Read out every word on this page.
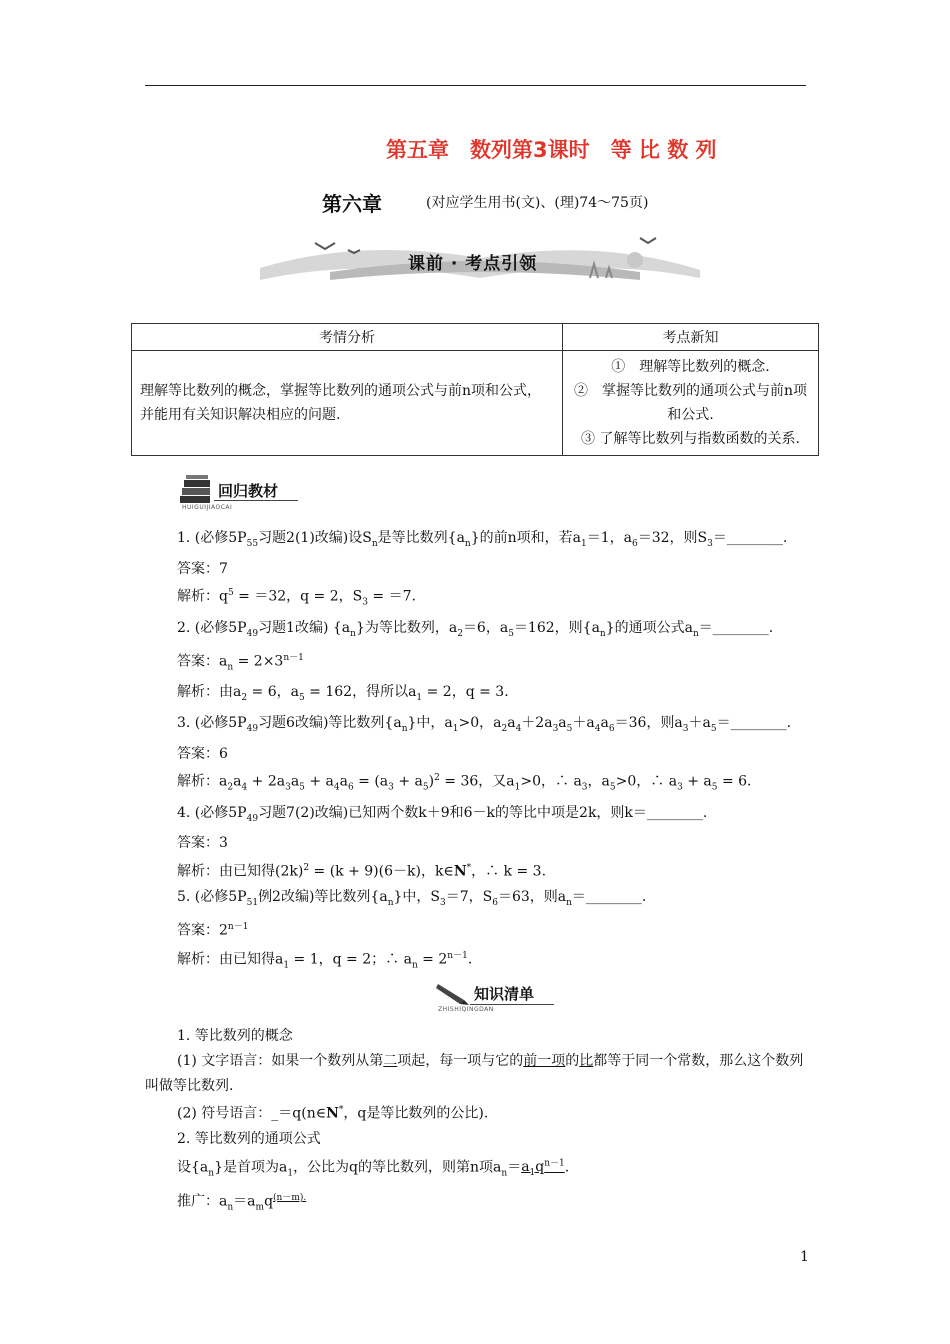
第五章　数列第3课时　等 比 数 列
第六章	(对应学生用书(文)、(理)74～75页)
课前 · 考点引领
考情分析	考点新知
理解等比数列的概念，掌握等比数列的通项公式与前n项和公式，并能用有关知识解决相应的问题.	①　理解等比数列的概念.
②　掌握等比数列的通项公式与前n项和公式.
③ 了解等比数列与指数函数的关系.
回归教材
HUIGUIJIAOCAI

1. (必修$5P_{55}$习题2(1)改编)设$S_n$是等比数列$\{a_n\}$的前n项和，若$a_1=1$，$a_6=32$，则$S_3=\_\_\_\_\_\_\_\_$.

答案：7

解析：$q^5 = =32$，q = 2，$S_3 = =7$.

2. (必修$5P_{49}$习题1改编) $\{a_n\}$为等比数列，$a_2=6$，$a_5=162$，则$\{a_n\}$的通项公式$a_n=\_\_\_\_\_\_\_\_$.

答案：$a_n = 2\times 3^{n-1}$

解析：由$a_2 = 6$，$a_5 = 162$，得所以$a_1 = 2$，q = 3.

3. (必修$5P_{49}$习题6改编)等比数列$\{a_n\}$中，$a_1>0$，$a_2a_4+2a_3a_5+a_4a_6=36$，则$a_3+a_5=\_\_\_\_\_\_\_\_$.

答案：6

解析：$a_2a_4 + 2a_3a_5 + a_4a_6 = (a_3 + a_5)^2 = 36$，又$a_1>0$，∴ $a_3$，$a_5>0$，∴ $a_3 + a_5 = 6$.

4. (必修$5P_{49}$习题7(2)改编)已知两个数k＋9和6－k的等比中项是2k，则k＝________.

答案：3

解析：由已知得$(2k)^2 = (k + 9)(6-k)$，k∈N*，∴ k = 3.

5. (必修$5P_{51}$例2改编)等比数列$\{a_n\}$中，$S_3=7$，$S_6=63$，则$a_n=\_\_\_\_\_\_\_\_$.

答案：$2^{n-1}$

解析：由已知得$a_1 = 1$，q = 2；∴ $a_n = 2^{n-1}$.

知识清单
ZHISHIQINGDAN

1. 等比数列的概念

(1) 文字语言：如果一个数列从第二项起，每一项与它的前一项的比都等于同一个常数，那么这个数列叫做等比数列.

(2) 符号语言：_＝q(n∈N*，q是等比数列的公比).

2. 等比数列的通项公式

设$\{a_n\}$是首项为$a_1$，公比为q的等比数列，则第n项$a_n=a_1q^{n-1}$.

推广：$a_n=a_mq^{(n-m).}$

1
